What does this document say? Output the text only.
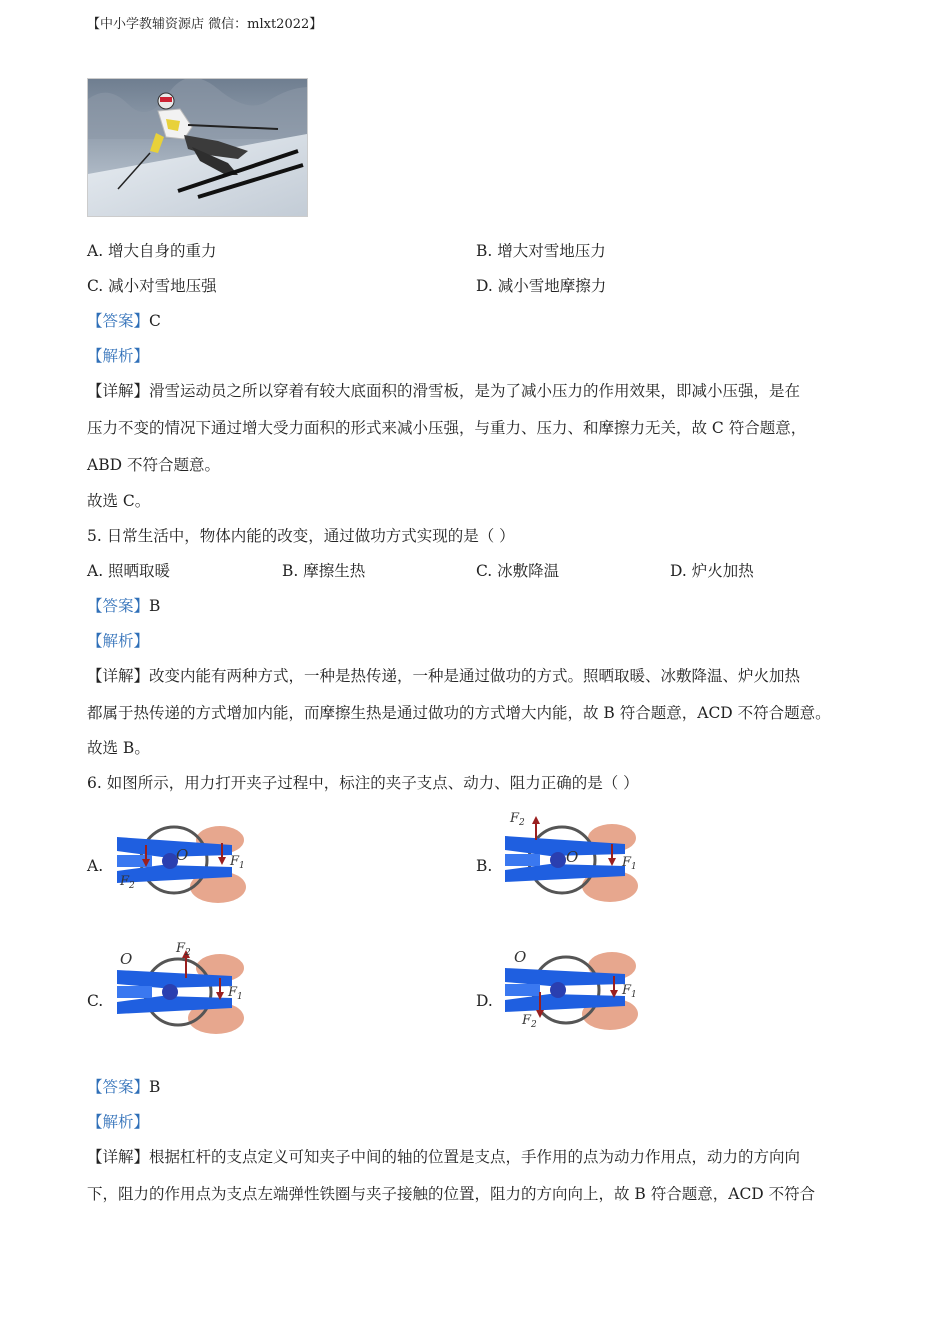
【中小学教辅资源店 微信：mlxt2022】
A. 增大自身的重力	B. 增大对雪地压力
C. 减小对雪地压强	D. 减小雪地摩擦力
【答案】C
【解析】
【详解】滑雪运动员之所以穿着有较大底面积的滑雪板，是为了减小压力的作用效果，即减小压强，是在
压力不变的情况下通过增大受力面积的形式来减小压强，与重力、压力、和摩擦力无关，故 C 符合题意，
ABD 不符合题意。
故选 C。
5. 日常生活中，物体内能的改变，通过做功方式实现的是（ ）
A. 照晒取暖	B. 摩擦生热	C. 冰敷降温	D. 炉火加热
【答案】B
【解析】
【详解】改变内能有两种方式，一种是热传递，一种是通过做功的方式。照晒取暖、冰敷降温、炉火加热
都属于热传递的方式增加内能，而摩擦生热是通过做功的方式增大内能，故 B 符合题意，ACD 不符合题意。
故选 B。
6. 如图所示，用力打开夹子过程中，标注的夹子支点、动力、阻力正确的是（ ）
A.	B.
C.	D.
O	$F_1$
$F_2$
O	$F_1$
$F_2$
O
$F_1$
$F_2$	O
$F_1$
$F_2$
【答案】B
【解析】
【详解】根据杠杆的支点定义可知夹子中间的轴的位置是支点，手作用的点为动力作用点，动力的方向向
下，阻力的作用点为支点左端弹性铁圈与夹子接触的位置，阻力的方向向上，故 B 符合题意，ACD 不符合
